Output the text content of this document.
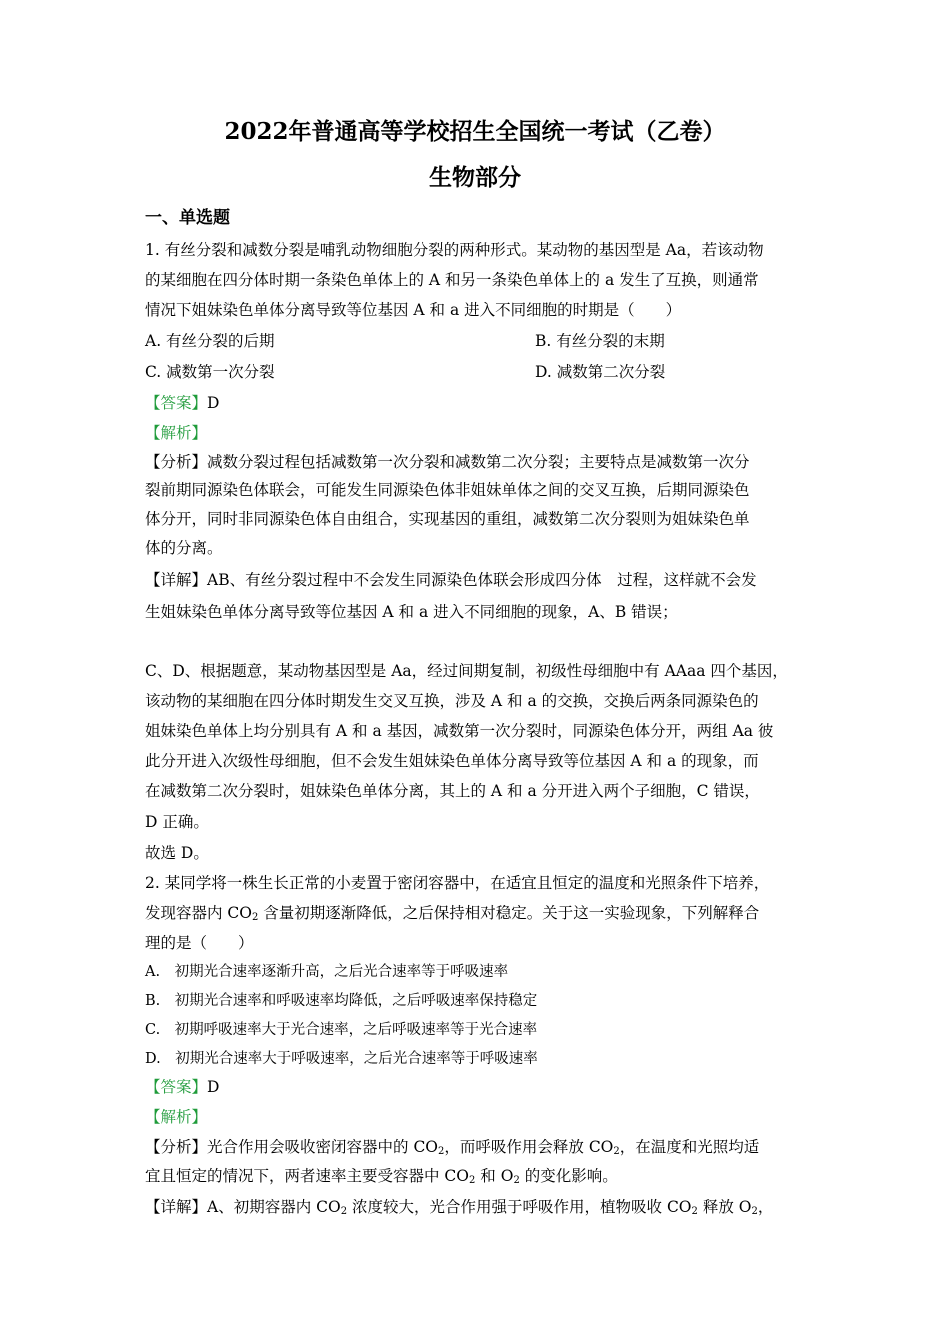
2022年普通高等学校招生全国统一考试（乙卷）
生物部分
一、单选题
1. 有丝分裂和减数分裂是哺乳动物细胞分裂的两种形式。某动物的基因型是 Aa，若该动物
的某细胞在四分体时期一条染色单体上的 A 和另一条染色单体上的 a 发生了互换，则通常
情况下姐妹染色单体分离导致等位基因 A 和 a 进入不同细胞的时期是（　　）
A. 有丝分裂的后期	B. 有丝分裂的末期
C. 减数第一次分裂	D. 减数第二次分裂
【答案】D
【解析】
【分析】减数分裂过程包括减数第一次分裂和减数第二次分裂；主要特点是减数第一次分
裂前期同源染色体联会，可能发生同源染色体非姐妹单体之间的交叉互换，后期同源染色
体分开，同时非同源染色体自由组合，实现基因的重组，减数第二次分裂则为姐妹染色单
体的分离。
【详解】AB、有丝分裂过程中不会发生同源染色体联会形成四分体　过程，这样就不会发
生姐妹染色单体分离导致等位基因 A 和 a 进入不同细胞的现象，A、B 错误；
C、D、根据题意，某动物基因型是 Aa，经过间期复制，初级性母细胞中有 AAaa 四个基因，
该动物的某细胞在四分体时期发生交叉互换，涉及 A 和 a 的交换，交换后两条同源染色的
姐妹染色单体上均分别具有 A 和 a 基因，减数第一次分裂时，同源染色体分开，两组 Aa 彼
此分开进入次级性母细胞，但不会发生姐妹染色单体分离导致等位基因 A 和 a 的现象，而
在减数第二次分裂时，姐妹染色单体分离，其上的 A 和 a 分开进入两个子细胞，C 错误，
D 正确。
故选 D。
2. 某同学将一株生长正常的小麦置于密闭容器中，在适宜且恒定的温度和光照条件下培养，
发现容器内 $CO_2$ 含量初期逐渐降低，之后保持相对稳定。关于这一实验现象，下列解释合
理的是（　　）
A.　初期光合速率逐渐升高，之后光合速率等于呼吸速率
B.　初期光合速率和呼吸速率均降低，之后呼吸速率保持稳定
C.　初期呼吸速率大于光合速率，之后呼吸速率等于光合速率
D.　初期光合速率大于呼吸速率，之后光合速率等于呼吸速率
【答案】D
【解析】
【分析】光合作用会吸收密闭容器中的 $CO_2$，而呼吸作用会释放 $CO_2$，在温度和光照均适
宜且恒定的情况下，两者速率主要受容器中 $CO_2$ 和 $O_2$ 的变化影响。
【详解】A、初期容器内 $CO_2$ 浓度较大，光合作用强于呼吸作用，植物吸收 $CO_2$ 释放 $O_2$，
